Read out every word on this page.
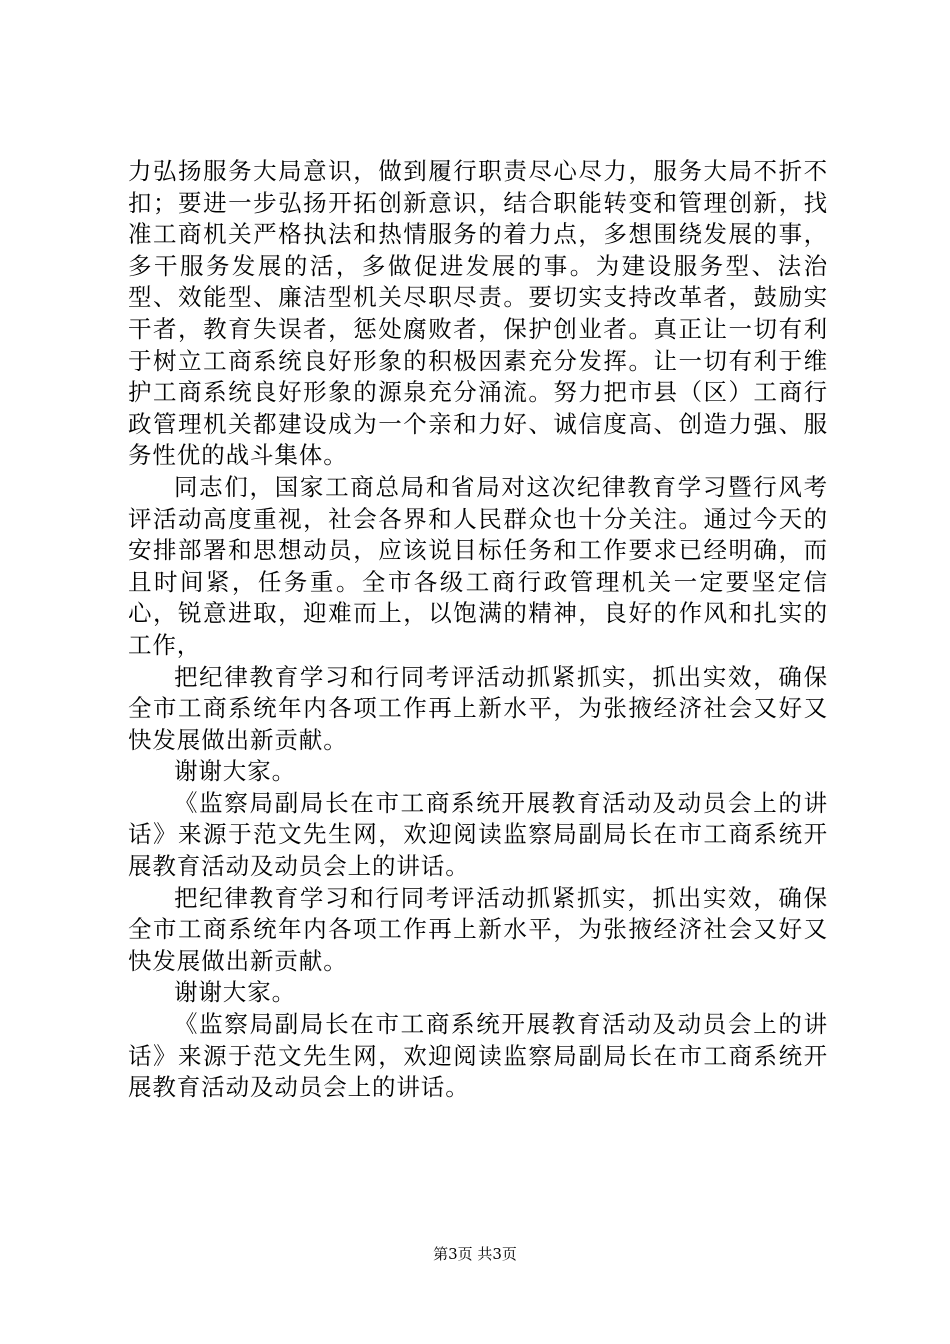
力弘扬服务大局意识，做到履行职责尽心尽力，服务大局不折不扣；要进一步弘扬开拓创新意识，结合职能转变和管理创新，找准工商机关严格执法和热情服务的着力点，多想围绕发展的事，多干服务发展的活，多做促进发展的事。为建设服务型、法治型、效能型、廉洁型机关尽职尽责。要切实支持改革者，鼓励实干者，教育失误者，惩处腐败者，保护创业者。真正让一切有利于树立工商系统良好形象的积极因素充分发挥。让一切有利于维护工商系统良好形象的源泉充分涌流。努力把市县（区）工商行政管理机关都建设成为一个亲和力好、诚信度高、创造力强、服务性优的战斗集体。

同志们，国家工商总局和省局对这次纪律教育学习暨行风考评活动高度重视，社会各界和人民群众也十分关注。通过今天的安排部署和思想动员，应该说目标任务和工作要求已经明确，而且时间紧，任务重。全市各级工商行政管理机关一定要坚定信心，锐意进取，迎难而上，以饱满的精神，良好的作风和扎实的工作，

把纪律教育学习和行同考评活动抓紧抓实，抓出实效，确保全市工商系统年内各项工作再上新水平，为张掖经济社会又好又快发展做出新贡献。

谢谢大家。

《监察局副局长在市工商系统开展教育活动及动员会上的讲话》来源于范文先生网，欢迎阅读监察局副局长在市工商系统开展教育活动及动员会上的讲话。

把纪律教育学习和行同考评活动抓紧抓实，抓出实效，确保全市工商系统年内各项工作再上新水平，为张掖经济社会又好又快发展做出新贡献。

谢谢大家。

《监察局副局长在市工商系统开展教育活动及动员会上的讲话》来源于范文先生网，欢迎阅读监察局副局长在市工商系统开展教育活动及动员会上的讲话。

第3页 共3页
